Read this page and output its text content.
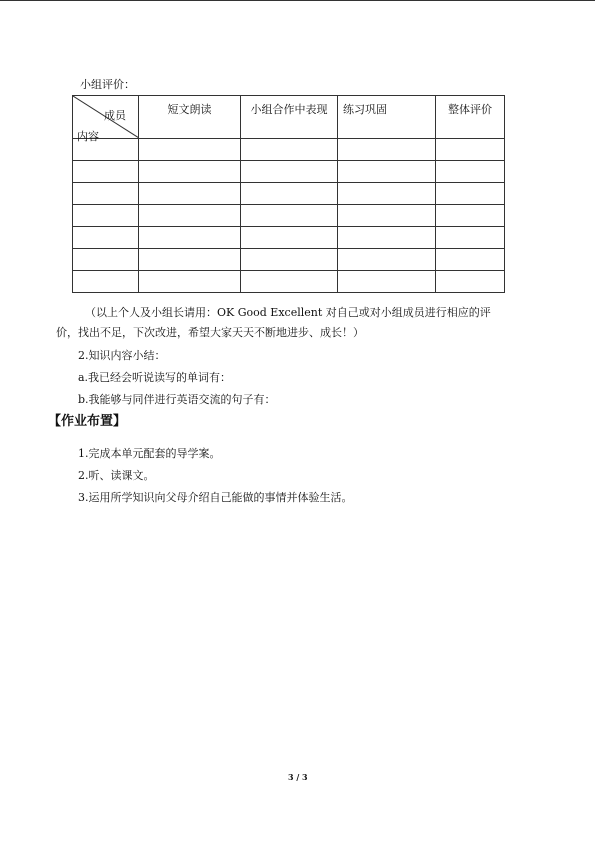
小组评价：
成员
内容	短文朗读	小组合作中表现	练习巩固	整体评价

（以上个人及小组长请用：OK Good Excellent 对自己或对小组成员进行相应的评
价，找出不足，下次改进，希望大家天天不断地进步、成长！）
2.知识内容小结：
a.我已经会听说读写的单词有：
b.我能够与同伴进行英语交流的句子有：
【作业布置】
1.完成本单元配套的导学案。
2.听、读课文。
3.运用所学知识向父母介绍自己能做的事情并体验生活。
3 / 3
